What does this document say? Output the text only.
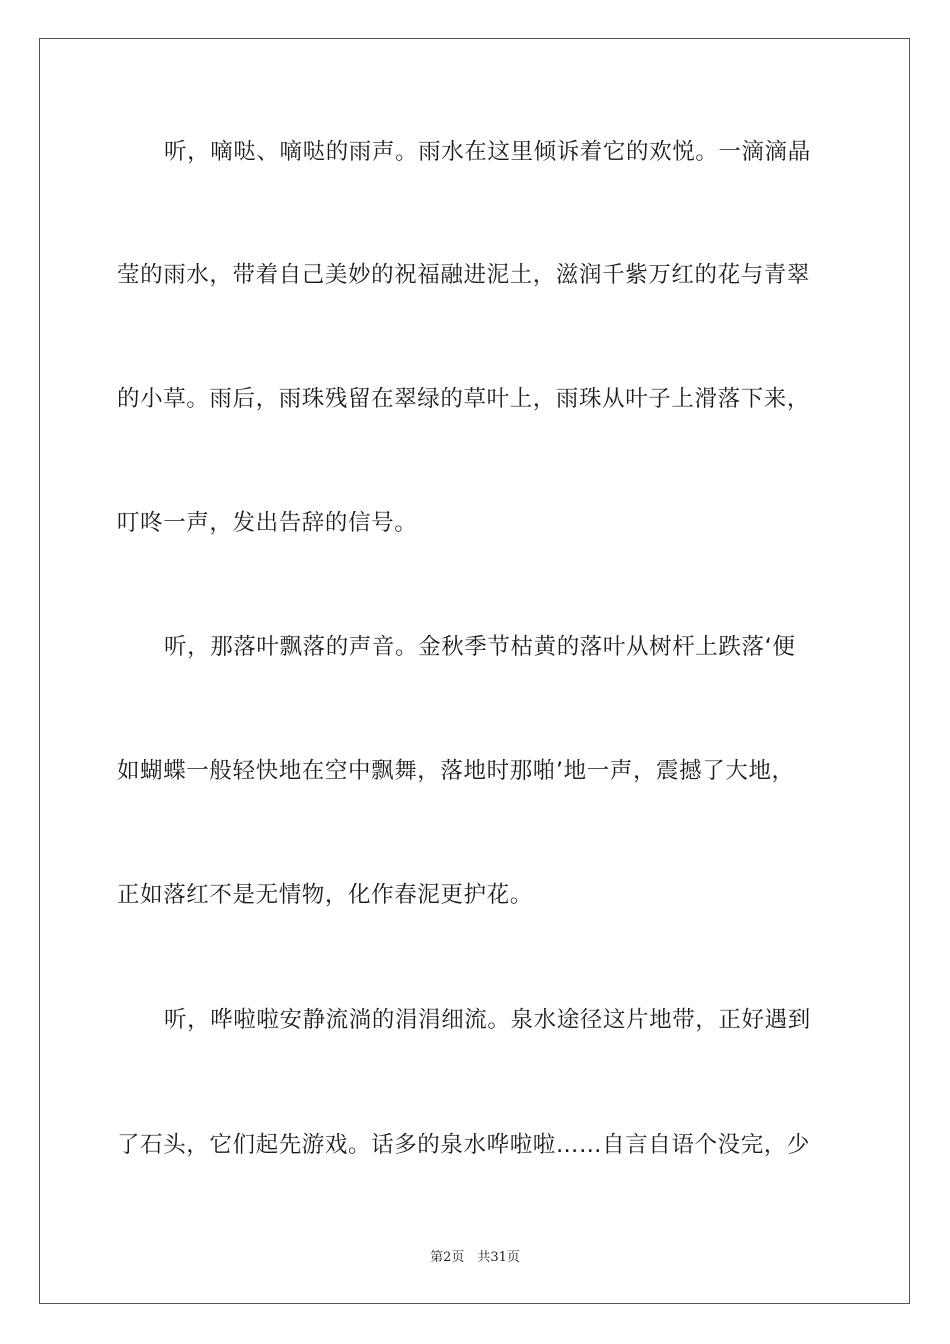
听，嘀哒、嘀哒的雨声。雨水在这里倾诉着它的欢悦。一滴滴晶
莹的雨水，带着自己美妙的祝福融进泥土，滋润千紫万红的花与青翠
的小草。雨后，雨珠残留在翠绿的草叶上，雨珠从叶子上滑落下来，
叮咚一声，发出告辞的信号。
听，那落叶飘落的声音。金秋季节枯黄的落叶从树杆上跌落‘便
如蝴蝶一般轻快地在空中飘舞，落地时那啪’地一声，震撼了大地，
正如落红不是无情物，化作春泥更护花。
听，哗啦啦安静流淌的涓涓细流。泉水途径这片地带，正好遇到
了石头，它们起先游戏。话多的泉水哗啦啦……自言自语个没完，少
第2页　共31页
